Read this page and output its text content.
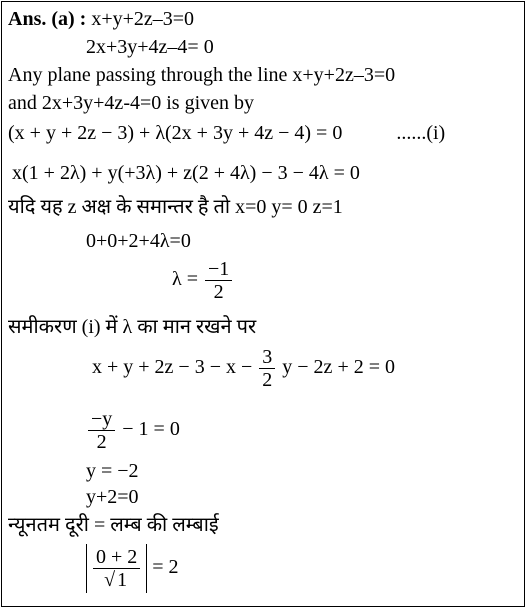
Ans. (a) : x+y+2z–3=0
2x+3y+4z–4= 0
Any plane passing through the line x+y+2z–3=0
and 2x+3y+4z-4=0 is given by
(x + y + 2z − 3) + λ(2x + 3y + 4z − 4) = 0	......(i)
x(1 + 2λ) + y(+3λ) + z(2 + 4λ) − 3 − 4λ = 0
यदि यह z अक्ष के समान्तर है तो x=0 y= 0 z=1
0+0+2+4λ=0
$\lambda = \frac{-1}{2}$
समीकरण (i) में λ का मान रखने पर
$x + y + 2z - 3 - x - \frac{3}{2}$ y − 2z + 2 = 0
$\frac{-y}{2} - 1 = 0$
y = −2
y+2=0
न्यूनतम दूरी = लम्ब की लम्बाई
$\frac{0 + 2}{√ 1} = 2$
